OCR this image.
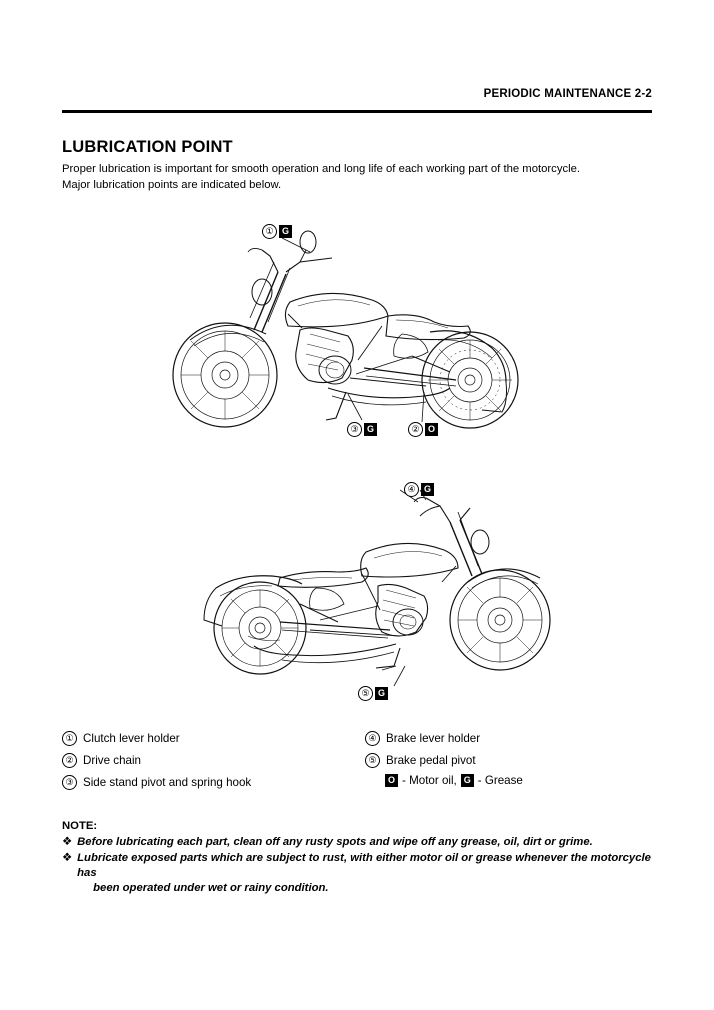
PERIODIC MAINTENANCE 2-2
LUBRICATION POINT
Proper lubrication is important for smooth operation and long life of each working part of the motorcycle.
Major lubrication points are indicated below.
① G
③ G	② O
④ G
⑤ G
① Clutch lever holder
② Drive chain
③ Side stand pivot and spring hook
④ Brake lever holder
⑤ Brake pedal pivot
O - Motor oil, G - Grease
NOTE:
❖ Before lubricating each part, clean off any rusty spots and wipe off any grease, oil, dirt or grime.
❖ Lubricate exposed parts which are subject to rust, with either motor oil or grease whenever the motorcycle has
been operated under wet or rainy condition.
